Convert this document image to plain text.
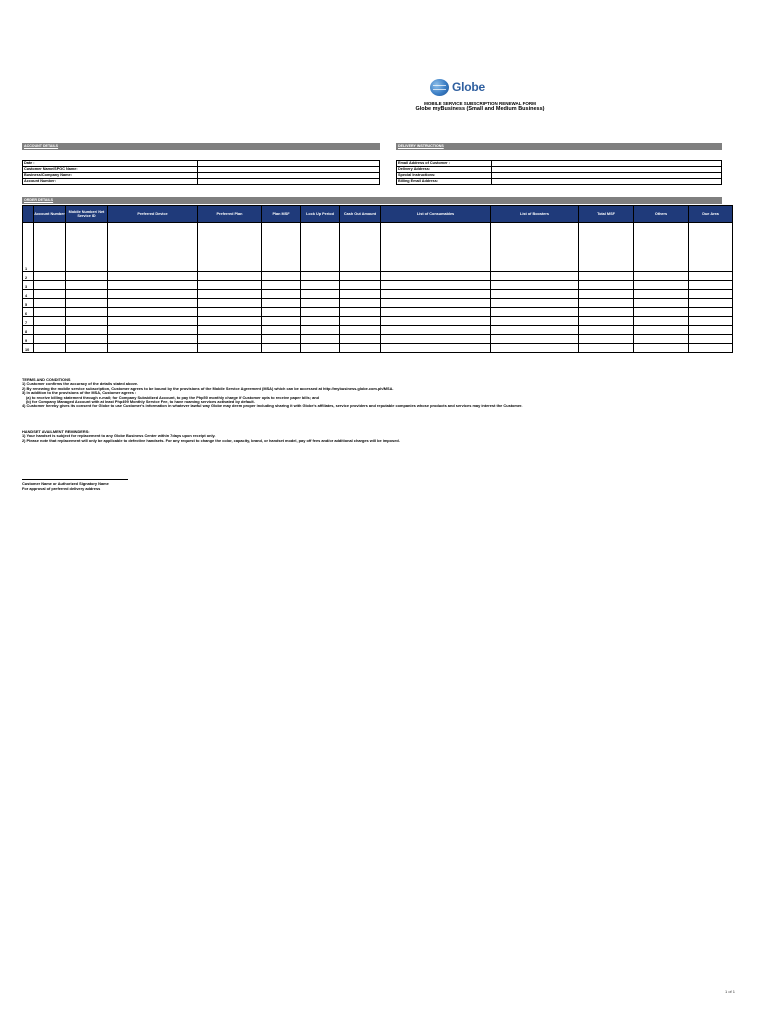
Globe
MOBILE SERVICE SUBSCRIPTION RENEWAL FORM
Globe myBusiness (Small and Medium Business)
ACCOUNT DETAILS	DELIVERY INSTRUCTIONS
Date :	
Customer Name/SPOC Name:	
Business/Company Name:	
Account Number:	
Email Address of Customer :	
Delivery Address:	
Special Instructions:	
Billing Email Address:	
ORDER DETAILS
	Account Number	Mobile Number/ Net Service ID	Preferred Device	Preferred Plan	Plan MSF	Lock Up Period	Cash Out Amount	List of Consumables	List of Boosters	Total MSF	Others	Due Area
1												
2												
3												
4												
5												
6												
7												
8												
9												
10												
TERMS AND CONDITIONS
1) Customer confirms the accuracy of the details stated above.
2) By renewing the mobile service subscription, Customer agrees to be bound by the provisions of the Mobile Service Agreement (MSA) which can be accessed at http://mybusiness.globe.com.ph/MSA.
3) In addition to the provisions of the MSA, Customer agrees :
(a) to receive billing statement through e-mail; for Company Subsidized Account, to pay the Php50 monthly charge if Customer opts to receive paper bills; and
(b) for Company Managed Account with at least Php499 Monthly Service Fee, to have roaming services activated by default.
4) Customer hereby gives its consent for Globe to use Customer's information in whatever lawful way Globe may deem proper including sharing it with Globe's affiliates, service providers and reputable companies whose products and services may interest the Customer.
HANDSET AVAILMENT REMINDERS:
1) Your handset is subject for replacement to any Globe Business Center within 7days upon receipt only.
2) Please note that replacement will only be applicable to defective handsets. For any request to change the color, capacity, brand, or handset model, pay off fees and/or additional charges will be imposed.
Customer Name or Authorized Signatory Name
For approval of preferred delivery address
1 of 1
